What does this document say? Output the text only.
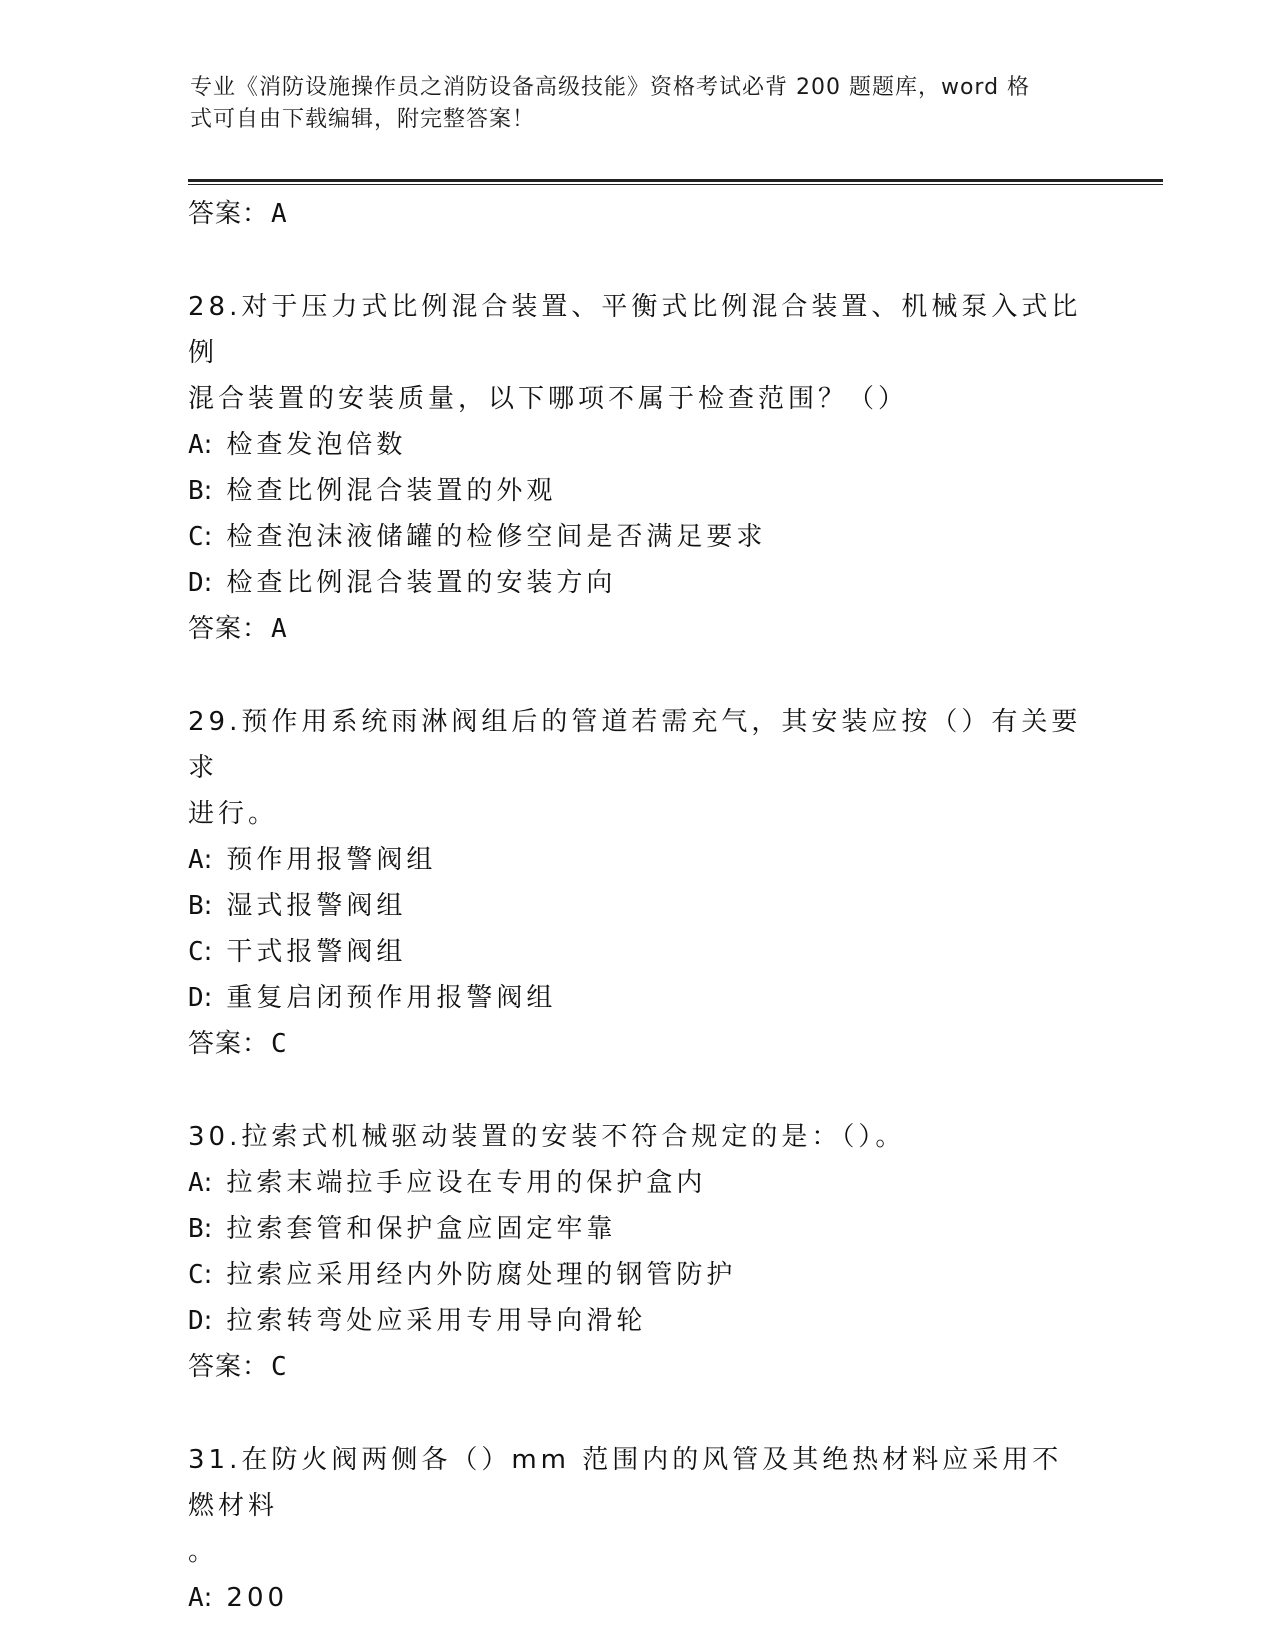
专业《消防设施操作员之消防设备高级技能》资格考试必背 200 题题库，word 格
式可自由下载编辑，附完整答案！
答案：A
28.对于压力式比例混合装置、平衡式比例混合装置、机械泵入式比例
混合装置的安装质量，以下哪项不属于检查范围？（）
A: 检查发泡倍数
B: 检查比例混合装置的外观
C: 检查泡沫液储罐的检修空间是否满足要求
D: 检查比例混合装置的安装方向
答案：A
29.预作用系统雨淋阀组后的管道若需充气，其安装应按（）有关要求
进行。
A: 预作用报警阀组
B: 湿式报警阀组
C: 干式报警阀组
D: 重复启闭预作用报警阀组
答案：C
30.拉索式机械驱动装置的安装不符合规定的是：（）。
A: 拉索末端拉手应设在专用的保护盒内
B: 拉索套管和保护盒应固定牢靠
C: 拉索应采用经内外防腐处理的钢管防护
D: 拉索转弯处应采用专用导向滑轮
答案：C
31.在防火阀两侧各（）mm 范围内的风管及其绝热材料应采用不燃材料
。
A: 200
